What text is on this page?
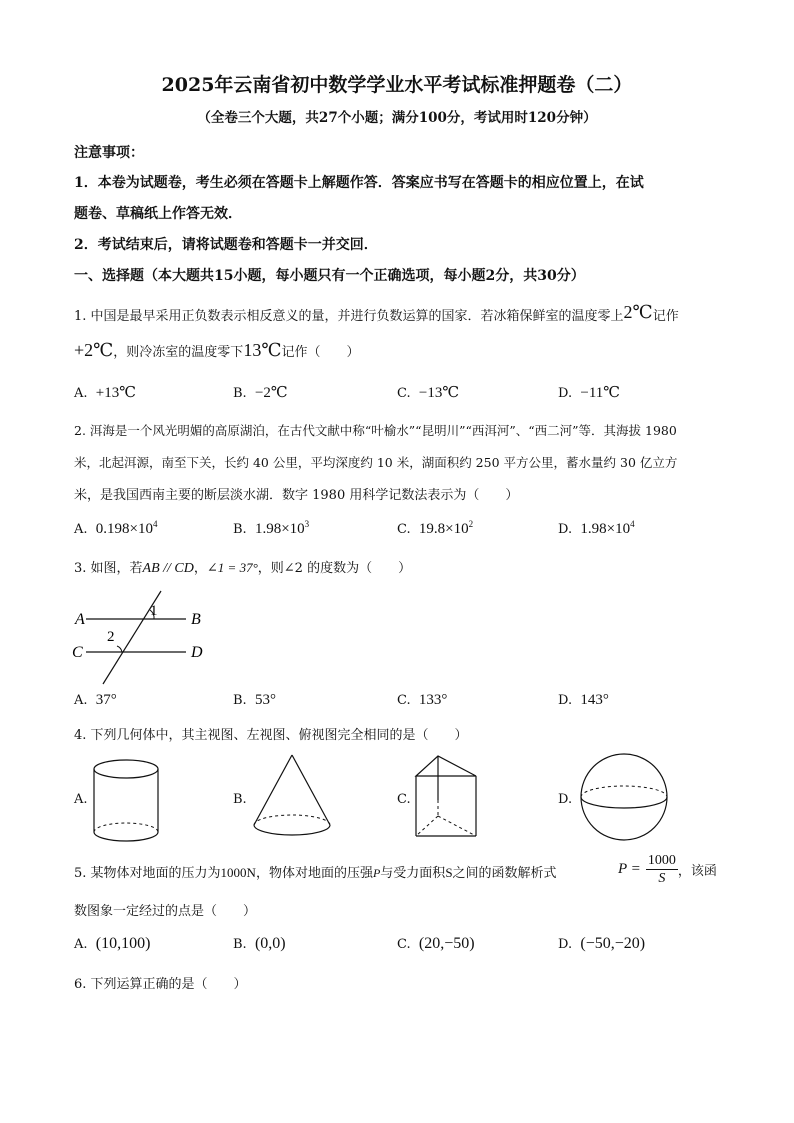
2025年云南省初中数学学业水平考试标准押题卷（二）
（全卷三个大题，共27个小题；满分100分，考试用时120分钟）
注意事项：
1．本卷为试题卷，考生必须在答题卡上解题作答．答案应书写在答题卡的相应位置上，在试
题卷、草稿纸上作答无效．
2．考试结束后，请将试题卷和答题卡一并交回．
一、选择题（本大题共15小题，每小题只有一个正确选项，每小题2分，共30分）
1. 中国是最早采用正负数表示相反意义的量，并进行负数运算的国家．若冰箱保鲜室的温度零上2℃记作
+2℃，则冷冻室的温度零下13℃记作（　　）
A. +13℃	B. −2℃	C. −13℃	D. −11℃
2. 洱海是一个风光明媚的高原湖泊，在古代文献中称“叶榆水”“昆明川”“西洱河”、“西二河”等．其海拔 1980
米，北起洱源，南至下关，长约 40 公里，平均深度约 10 米，湖面积约 250 平方公里，蓄水量约 30 亿立方
米，是我国西南主要的断层淡水湖．数字 1980 用科学记数法表示为（　　）
A. $0.198\times 10^4$	B. $1.98\times 10^3$	C. $19.8\times 10^2$	D. $1.98\times 10^4$
3. 如图，若AB // CD，∠1 = 37°，则∠2 的度数为（　　）
A	B
C	D
1
2
A. 37°	B. 53°	C. 133°	D. 143°
4. 下列几何体中，其主视图、左视图、俯视图完全相同的是（　　）
A.	B.	C.	D.
5. 某物体对地面的压力为1000N，物体对地面的压强P与受力面积S之间的函数解析式	$P = \frac{1000}{S}$ ，该函
数图象一定经过的点是（　　）
A. (10,100)	B. (0,0)	C. (20,−50)	D. (−50,−20)
6. 下列运算正确的是（　　）
